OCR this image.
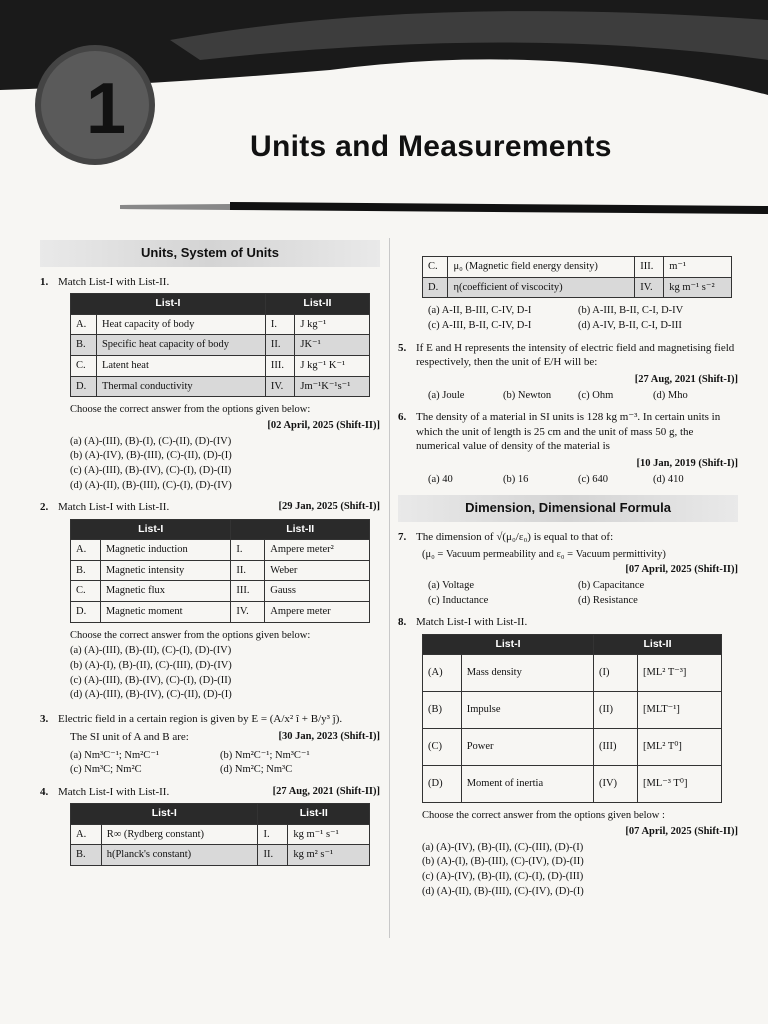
1	Units and Measurements
Units, System of Units
1. Match List-I with List-II.
List-I		List-II	
A.	Heat capacity of body	I.	J kg⁻¹
B.	Specific heat capacity of body	II.	JK⁻¹
C.	Latent heat	III.	J kg⁻¹ K⁻¹
D.	Thermal conductivity	IV.	Jm⁻¹K⁻¹s⁻¹
Choose the correct answer from the options given below:
[02 April, 2025 (Shift-II)]
(a) (A)-(III), (B)-(I), (C)-(II), (D)-(IV)
(b) (A)-(IV), (B)-(III), (C)-(II), (D)-(I)
(c) (A)-(III), (B)-(IV), (C)-(I), (D)-(II)
(d) (A)-(II), (B)-(III), (C)-(I), (D)-(IV)
2. Match List-I with List-II.	[29 Jan, 2025 (Shift-I)]
List-I		List-II	
A.	Magnetic induction	I.	Ampere meter²
B.	Magnetic intensity	II.	Weber
C.	Magnetic flux	III.	Gauss
D.	Magnetic moment	IV.	Ampere meter
Choose the correct answer from the options given below:
(a) (A)-(III), (B)-(II), (C)-(I), (D)-(IV)
(b) (A)-(I), (B)-(II), (C)-(III), (D)-(IV)
(c) (A)-(III), (B)-(IV), (C)-(I), (D)-(II)
(d) (A)-(III), (B)-(IV), (C)-(II), (D)-(I)
3. Electric field in a certain region is given by E = (A/x² î + B/y³ ĵ).
The SI unit of A and B are:	[30 Jan, 2023 (Shift-I)]
(a) Nm³C⁻¹; Nm²C⁻¹	(b) Nm²C⁻¹; Nm³C⁻¹
(c) Nm³C; Nm²C	(d) Nm²C; Nm³C
4. Match List-I with List-II.	[27 Aug, 2021 (Shift-II)]
List-I		List-II	
A.	R∞ (Rydberg constant)	I.	kg m⁻¹ s⁻¹
B.	h(Planck's constant)	II.	kg m² s⁻¹
C.	μ₀ (Magnetic field energy density)	III.	m⁻¹
D.	η(coefficient of viscocity)	IV.	kg m⁻¹ s⁻²
(a) A-II, B-III, C-IV, D-I	(b) A-III, B-II, C-I, D-IV
(c) A-III, B-II, C-IV, D-I	(d) A-IV, B-II, C-I, D-III
5. If E and H represents the intensity of electric field and magnetising field respectively, then the unit of E/H will be:
[27 Aug, 2021 (Shift-I)]
(a) Joule	(b) Newton	(c) Ohm	(d) Mho
6. The density of a material in SI units is 128 kg m⁻³. In certain units in which the unit of length is 25 cm and the unit of mass 50 g, the numerical value of density of the material is
[10 Jan, 2019 (Shift-I)]
(a) 40	(b) 16	(c) 640	(d) 410
Dimension, Dimensional Formula
7. The dimension of √(μ₀/ε₀) is equal to that of:
(μ₀ = Vacuum permeability and ε₀ = Vacuum permittivity)
[07 April, 2025 (Shift-II)]
(a) Voltage	(b) Capacitance
(c) Inductance	(d) Resistance
8. Match List-I with List-II.
List-I		List-II	
(A)	Mass density	(I)	[ML² T⁻³]
(B)	Impulse	(II)	[MLT⁻¹]
(C)	Power	(III)	[ML² T⁰]
(D)	Moment of inertia	(IV)	[ML⁻³ T⁰]
Choose the correct answer from the options given below :
[07 April, 2025 (Shift-II)]
(a) (A)-(IV), (B)-(II), (C)-(III), (D)-(I)
(b) (A)-(I), (B)-(III), (C)-(IV), (D)-(II)
(c) (A)-(IV), (B)-(II), (C)-(I), (D)-(III)
(d) (A)-(II), (B)-(III), (C)-(IV), (D)-(I)
